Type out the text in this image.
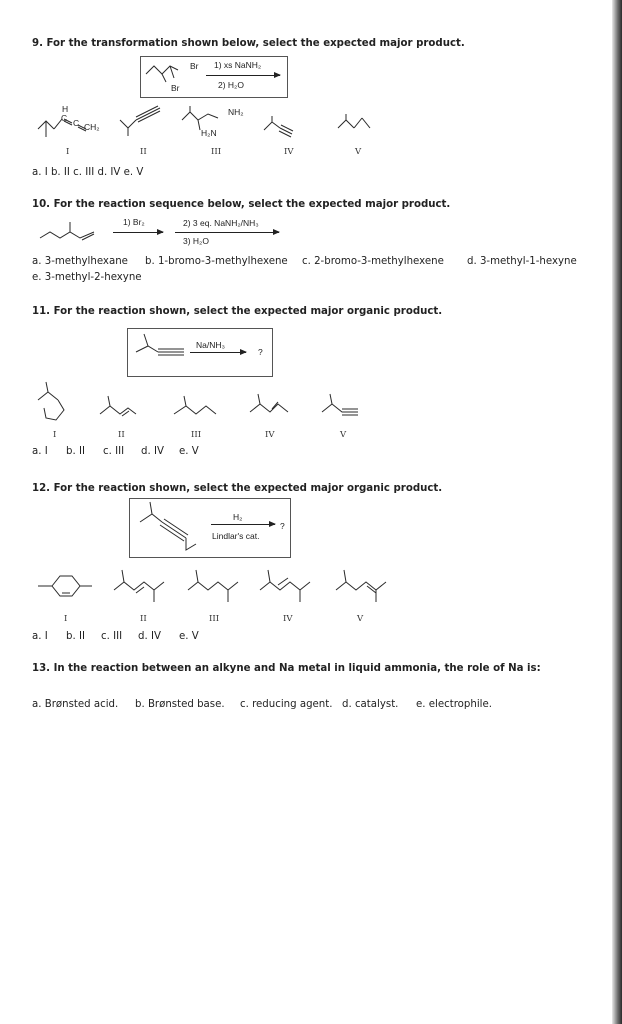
9. For the transformation shown below, select the expected major product.
Br
Br
1) xs NaNH₂
2) H₂O
H
C C CH₂
NH₂
H₂N
I	II	III	IV	V
a. I b. II c. III d. IV e. V
10. For the reaction sequence below, select the expected major product.
1) Br₂	2) 3 eq. NaNH₂/NH₃
3) H₂O
a. 3-methylhexane b. 1-bromo-3-methylhexene c. 2-bromo-3-methylhexene d. 3-methyl-1-hexyne
e. 3-methyl-2-hexyne
11. For the reaction shown, select the expected major organic product.
Na/NH₃
?
I	II	III	IV	V
a. I b. II c. III d. IV e. V
12. For the reaction shown, select the expected major organic product.
H₂
Lindlar's cat.
?
I	II	III	IV	V
a. I b. II c. III d. IV e. V
13. In the reaction between an alkyne and Na metal in liquid ammonia, the role of Na is:
a. Brønsted acid. b. Brønsted base. c. reducing agent. d. catalyst. e. electrophile.
